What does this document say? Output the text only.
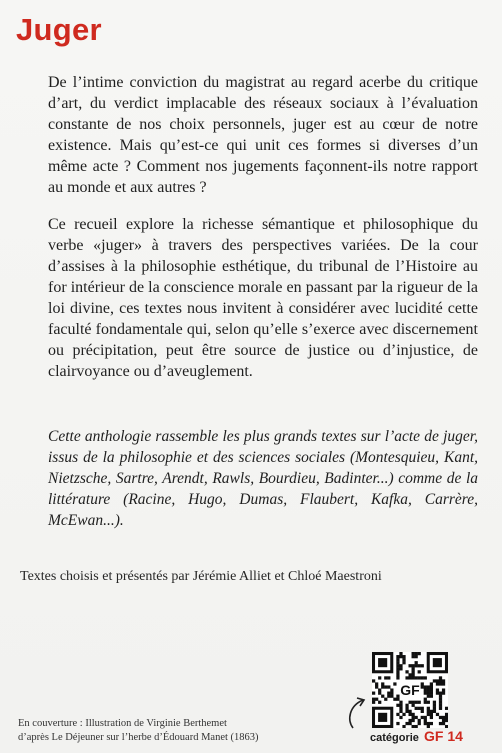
Juger
De l’intime conviction du magistrat au regard acerbe du critique d’art, du verdict implacable des réseaux sociaux à l’évaluation constante de nos choix personnels, juger est au cœur de notre existence. Mais qu’est-ce qui unit ces formes si diverses d’un même acte ? Comment nos jugements façonnent-ils notre rapport au monde et aux autres ?
Ce recueil explore la richesse sémantique et philosophique du verbe «juger» à travers des perspectives variées. De la cour d’assises à la philosophie esthétique, du tribunal de l’Histoire au for intérieur de la conscience morale en passant par la rigueur de la loi divine, ces textes nous invitent à considérer avec lucidité cette faculté fondamentale qui, selon qu’elle s’exerce avec discernement ou précipitation, peut être source de justice ou d’injustice, de clairvoyance ou d’aveuglement.
Cette anthologie rassemble les plus grands textes sur l’acte de juger, issus de la philosophie et des sciences sociales (Montesquieu, Kant, Nietzsche, Sartre, Arendt, Rawls, Bourdieu, Badinter...) comme de la littérature (Racine, Hugo, Dumas, Flaubert, Kafka, Carrère, McEwan...).
Textes choisis et présentés par Jérémie Alliet et Chloé Maestroni
En couverture : Illustration de Virginie Berthemet
d’après Le Déjeuner sur l’herbe d’Édouard Manet (1863)
GF
catégorie GF 14
